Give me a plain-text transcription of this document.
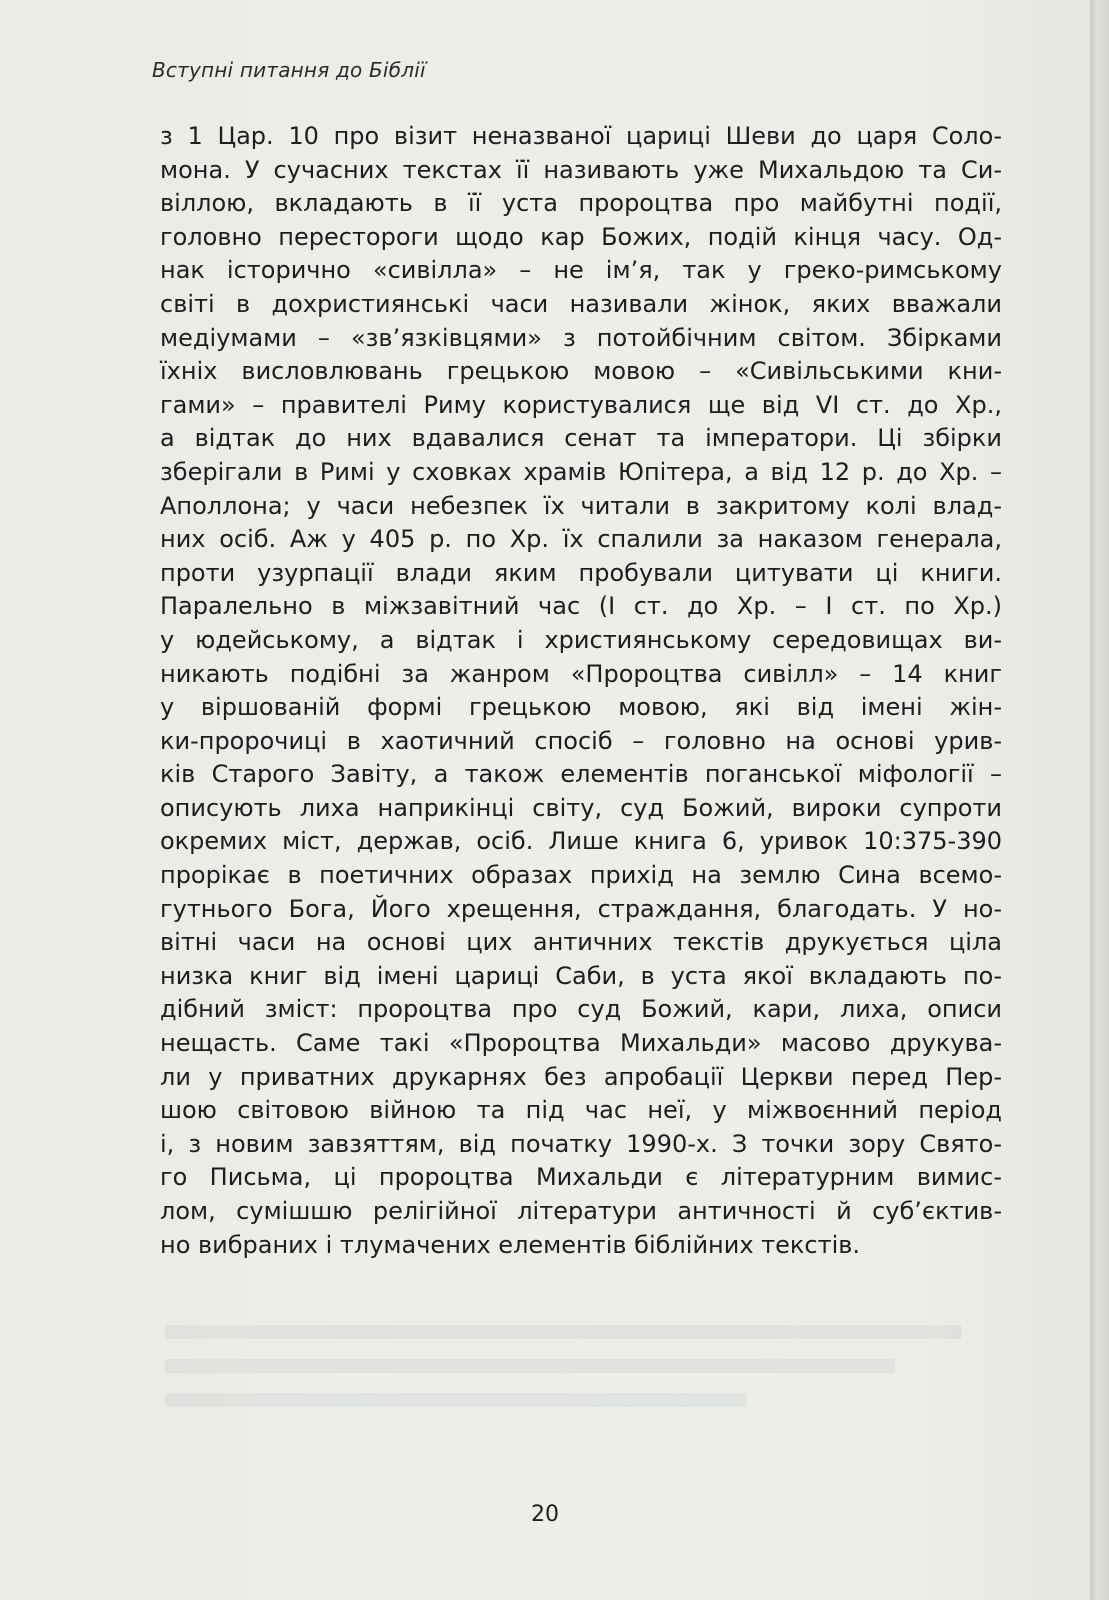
Вступні питання до Біблії
з 1 Цар. 10 про візит неназваної цариці Шеви до царя Соло-
мона. У сучасних текстах її називають уже Михальдою та Си-
віллою, вкладають в її уста пророцтва про майбутні події,
головно перестороги щодо кар Божих, подій кінця часу. Од-
нак історично «сивілла» – не ім’я, так у греко-римському
світі в дохристиянські часи називали жінок, яких вважали
медіумами – «зв’язківцями» з потойбічним світом. Збірками
їхніх висловлювань грецькою мовою – «Сивільськими кни-
гами» – правителі Риму користувалися ще від VI ст. до Хр.,
а відтак до них вдавалися сенат та імператори. Ці збірки
зберігали в Римі у сховках храмів Юпітера, а від 12 р. до Хр. –
Аполлона; у часи небезпек їх читали в закритому колі влад-
них осіб. Аж у 405 р. по Хр. їх спалили за наказом генерала,
проти узурпації влади яким пробували цитувати ці книги.
Паралельно в міжзавітний час (I ст. до Хр. – I ст. по Хр.)
у юдейському, а відтак і християнському середовищах ви-
никають подібні за жанром «Пророцтва сивілл» – 14 книг
у віршованій формі грецькою мовою, які від імені жін-
ки-пророчиці в хаотичний спосіб – головно на основі урив-
ків Старого Завіту, а також елементів поганської міфології –
описують лиха наприкінці світу, суд Божий, вироки супроти
окремих міст, держав, осіб. Лише книга 6, уривок 10:375-390
прорікає в поетичних образах прихід на землю Сина всемо-
гутнього Бога, Його хрещення, страждання, благодать. У но-
вітні часи на основі цих античних текстів друкується ціла
низка книг від імені цариці Саби, в уста якої вкладають по-
дібний зміст: пророцтва про суд Божий, кари, лиха, описи
нещасть. Саме такі «Пророцтва Михальди» масово друкува-
ли у приватних друкарнях без апробації Церкви перед Пер-
шою світовою війною та під час неї, у міжвоєнний період
і, з новим завзяттям, від початку 1990-х. З точки зору Свято-
го Письма, ці пророцтва Михальди є літературним вимис-
лом, сумішшю релігійної літератури античності й суб’єктив-
но вибраних і тлумачених елементів біблійних текстів.
20
